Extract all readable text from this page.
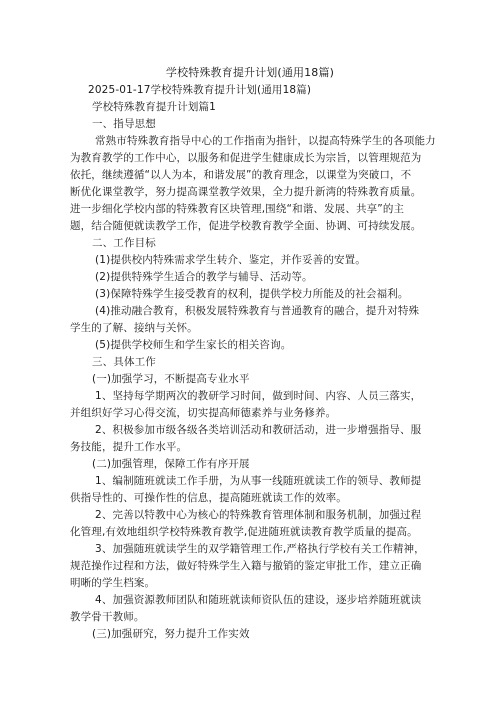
学校特殊教育提升计划(通用18篇)
2025-01-17学校特殊教育提升计划(通用18篇)
学校特殊教育提升计划篇1
一、指导思想
常熟市特殊教育指导中心的工作指南为指针，以提高特殊学生的各项能力
为教育教学的工作中心，以服务和促进学生健康成长为宗旨，以管理规范为
依托，继续遵循“以人为本，和谐发展”的教育理念，以课堂为突破口，不
断优化课堂教学，努力提高课堂教学效果，全力提升新湾的特殊教育质量。
进一步细化学校内部的特殊教育区块管理,围绕“和谐、发展、共享”的主
题，结合随便就读教学工作，促进学校教育教学全面、协调、可持续发展。
二、工作目标
(1)提供校内特殊需求学生转介、鉴定，并作妥善的安置。
(2)提供特殊学生适合的教学与辅导、活动等。
(3)保障特殊学生接受教育的权利，提供学校力所能及的社会福利。
(4)推动融合教育，积极发展特殊教育与普通教育的融合，提升对特殊
学生的了解、接纳与关怀。
(5)提供学校师生和学生家长的相关咨询。
三、具体工作
(一)加强学习，不断提高专业水平
1、坚持每学期两次的教研学习时间，做到时间、内容、人员三落实，
并组织好学习心得交流，切实提高师德素养与业务修养。
2、积极参加市级各级各类培训活动和教研活动，进一步增强指导、服
务技能，提升工作水平。
(二)加强管理，保障工作有序开展
1、编制随班就读工作手册，为从事一线随班就读工作的领导、教师提
供指导性的、可操作性的信息，提高随班就读工作的效率。
2、完善以特教中心为核心的特殊教育管理体制和服务机制，加强过程
化管理,有效地组织学校特殊教育教学,促进随班就读教育教学质量的提高。
3、加强随班就读学生的双学籍管理工作,严格执行学校有关工作精神，
规范操作过程和方法，做好特殊学生入籍与撤销的鉴定审批工作，建立正确
明晰的学生档案。
4、加强资源教师团队和随班就读师资队伍的建设，逐步培养随班就读
教学骨干教师。
(三)加强研究，努力提升工作实效
